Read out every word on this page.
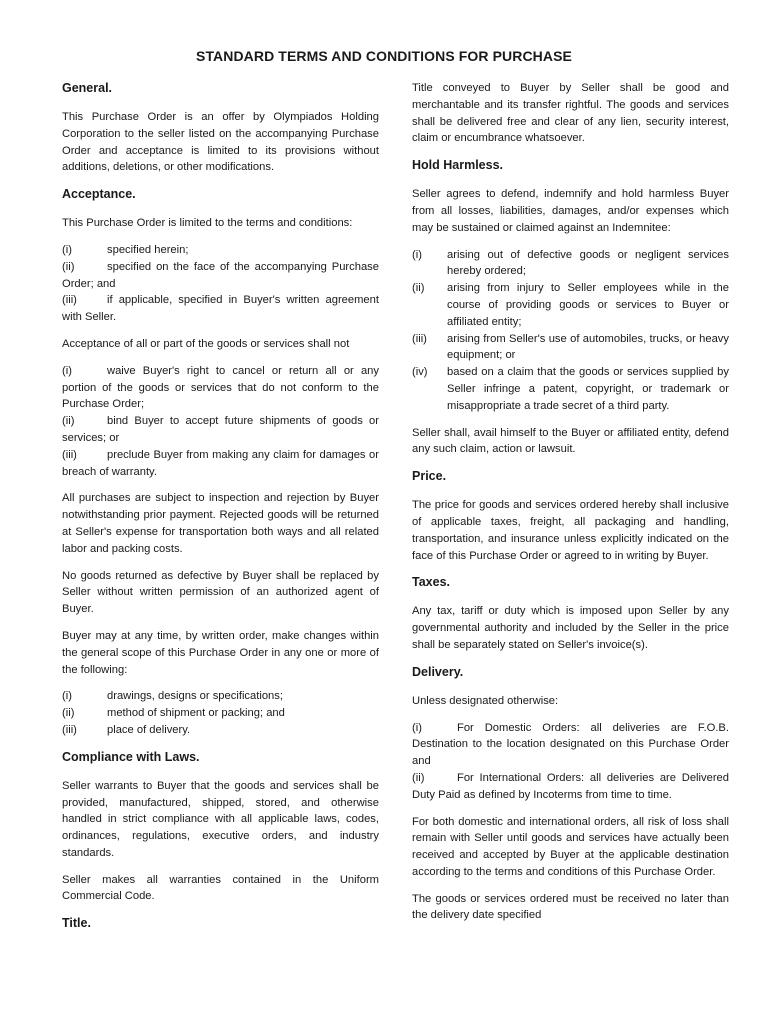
STANDARD TERMS AND CONDITIONS FOR PURCHASE
General.

This Purchase Order is an offer by Olympiados Holding Corporation to the seller listed on the accompanying Purchase Order and acceptance is limited to its provisions without additions, deletions, or other modifications.

Acceptance.

This Purchase Order is limited to the terms and conditions:

(i)	specified herein;
(ii)	specified on the face of the accompanying Purchase Order; and
(iii)	if applicable, specified in Buyer's written agreement with Seller.

Acceptance of all or part of the goods or services shall not

(i)	waive Buyer's right to cancel or return all or any portion of the goods or services that do not conform to the Purchase Order;
(ii)	bind Buyer to accept future shipments of goods or services; or
(iii)	preclude Buyer from making any claim for damages or breach of warranty.

All purchases are subject to inspection and rejection by Buyer notwithstanding prior payment. Rejected goods will be returned at Seller's expense for transportation both ways and all related labor and packing costs.

No goods returned as defective by Buyer shall be replaced by Seller without written permission of an authorized agent of Buyer.

Buyer may at any time, by written order, make changes within the general scope of this Purchase Order in any one or more of the following:

(i)	drawings, designs or specifications;
(ii)	method of shipment or packing; and
(iii)	place of delivery.
Compliance with Laws.

Seller warrants to Buyer that the goods and services shall be provided, manufactured, shipped, stored, and otherwise handled in strict compliance with all applicable laws, codes, ordinances, regulations, executive orders, and industry standards.

Seller makes all warranties contained in the Uniform Commercial Code.

Title.

Title conveyed to Buyer by Seller shall be good and merchantable and its transfer rightful. The goods and services shall be delivered free and clear of any lien, security interest, claim or encumbrance whatsoever.

Hold Harmless.

Seller agrees to defend, indemnify and hold harmless Buyer from all losses, liabilities, damages, and/or expenses which may be sustained or claimed against an Indemnitee:

(i)	arising out of defective goods or negligent services hereby ordered;
(ii)	arising from injury to Seller employees while in the course of providing goods or services to Buyer or affiliated entity;
(iii)	arising from Seller's use of automobiles, trucks, or heavy equipment; or
(iv)	based on a claim that the goods or services supplied by Seller infringe a patent, copyright, or trademark or misappropriate a trade secret of a third party.

Seller shall, avail himself to the Buyer or affiliated entity, defend any such claim, action or lawsuit.

Price.

The price for goods and services ordered hereby shall inclusive of applicable taxes, freight, all packaging and handling, transportation, and insurance unless explicitly indicated on the face of this Purchase Order or agreed to in writing by Buyer.

Taxes.

Any tax, tariff or duty which is imposed upon Seller by any governmental authority and included by the Seller in the price shall be separately stated on Seller's invoice(s).

Delivery.

Unless designated otherwise:

(i)	For Domestic Orders: all deliveries are F.O.B. Destination to the location designated on this Purchase Order and
(ii)	For International Orders: all deliveries are Delivered Duty Paid as defined by Incoterms from time to time.

For both domestic and international orders, all risk of loss shall remain with Seller until goods and services have actually been received and accepted by Buyer at the applicable destination according to the terms and conditions of this Purchase Order.

The goods or services ordered must be received no later than the delivery date specified
